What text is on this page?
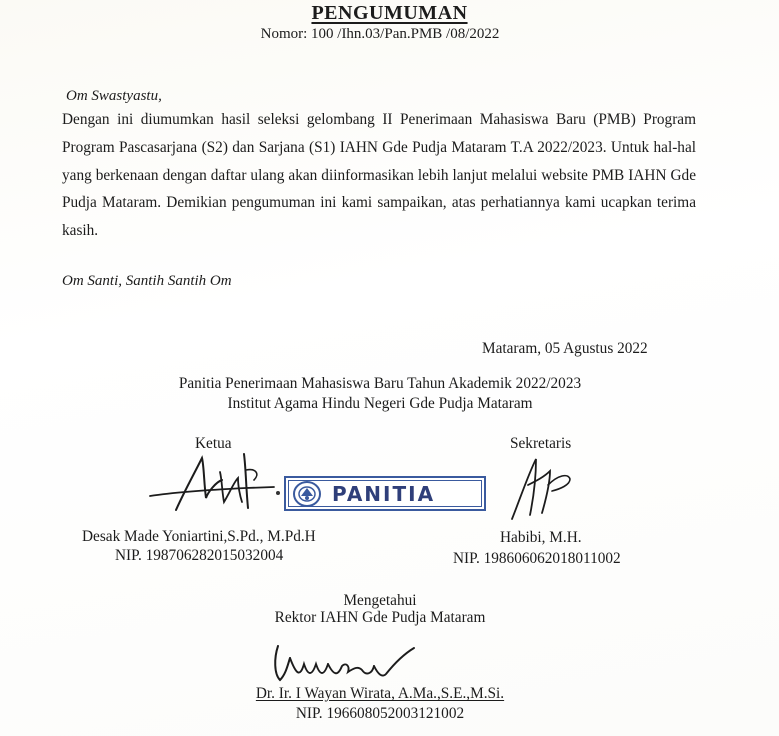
PENGUMUMAN
Nomor: 100 /Ihn.03/Pan.PMB /08/2022
Om Swastyastu,
Dengan ini diumumkan hasil seleksi gelombang II Penerimaan Mahasiswa Baru (PMB) Program Program Pascasarjana (S2) dan Sarjana (S1) IAHN Gde Pudja Mataram T.A 2022/2023. Untuk hal-hal yang berkenaan dengan daftar ulang akan diinformasikan lebih lanjut melalui website PMB IAHN Gde Pudja Mataram. Demikian pengumuman ini kami sampaikan, atas perhatiannya kami ucapkan terima kasih.
Om Santi, Santih Santih Om
Mataram, 05 Agustus 2022
Panitia Penerimaan Mahasiswa Baru Tahun Akademik 2022/2023
Institut Agama Hindu Negeri Gde Pudja Mataram
Ketua	Sekretaris
PANITIA
Desak Made Yoniartini,S.Pd., M.Pd.H
NIP. 198706282015032004
Habibi, M.H.
NIP. 198606062018011002
Mengetahui
Rektor IAHN Gde Pudja Mataram
Dr. Ir. I Wayan Wirata, A.Ma.,S.E.,M.Si.
NIP. 196608052003121002
